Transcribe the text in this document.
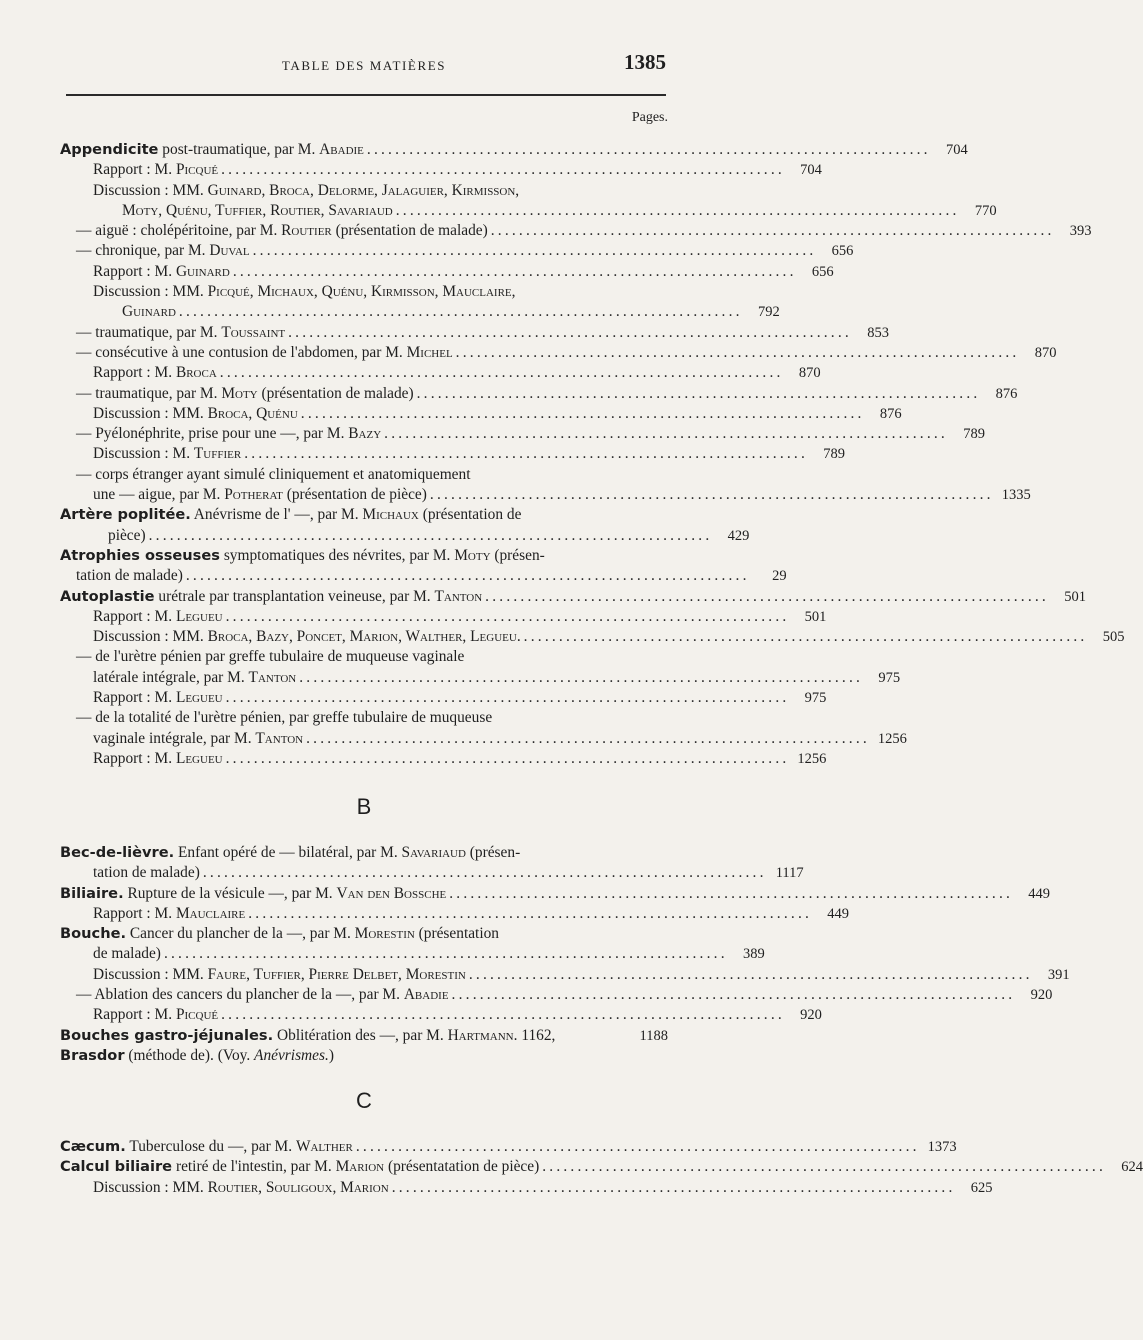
TABLE DES MATIÈRES	1385
Pages.
Appendicite post-traumatique, par M. Abadie ................................................................................	704
Rapport : M. Picqué ................................................................................	704
Discussion : MM. Guinard, Broca, Delorme, Jalaguier, Kirmisson,
Moty, Quénu, Tuffier, Routier, Savariaud ................................................................................	770
— aiguë : cholépéritoine, par M. Routier (présentation de malade) ................................................................................	393
— chronique, par M. Duval ................................................................................	656
Rapport : M. Guinard ................................................................................	656
Discussion : MM. Picqué, Michaux, Quénu, Kirmisson, Mauclaire,
Guinard ................................................................................	792
— traumatique, par M. Toussaint ................................................................................	853
— consécutive à une contusion de l'abdomen, par M. Michel ................................................................................	870
Rapport : M. Broca ................................................................................	870
— traumatique, par M. Moty (présentation de malade) ................................................................................	876
Discussion : MM. Broca, Quénu ................................................................................	876
— Pyélonéphrite, prise pour une —, par M. Bazy ................................................................................	789
Discussion : M. Tuffier ................................................................................	789
— corps étranger ayant simulé cliniquement et anatomiquement
une — aigue, par M. Potherat (présentation de pièce) ................................................................................ 1335
Artère poplitée. Anévrisme de l' —, par M. Michaux (présentation de
pièce) ................................................................................	429
Atrophies osseuses symptomatiques des névrites, par M. Moty (présen-
tation de malade) ................................................................................	29
Autoplastie urétrale par transplantation veineuse, par M. Tanton ................................................................................	501
Rapport : M. Legueu ................................................................................	501
Discussion : MM. Broca, Bazy, Poncet, Marion, Walther, Legueu. ................................................................................	505
— de l'urètre pénien par greffe tubulaire de muqueuse vaginale
latérale intégrale, par M. Tanton ................................................................................	975
Rapport : M. Legueu ................................................................................	975
— de la totalité de l'urètre pénien, par greffe tubulaire de muqueuse
vaginale intégrale, par M. Tanton ................................................................................ 1256
Rapport : M. Legueu ................................................................................ 1256
B
Bec-de-lièvre. Enfant opéré de — bilatéral, par M. Savariaud (présen-
tation de malade) ................................................................................ 1117
Biliaire. Rupture de la vésicule —, par M. Van den Bossche ................................................................................	449
Rapport : M. Mauclaire ................................................................................	449
Bouche. Cancer du plancher de la —, par M. Morestin (présentation
de malade) ................................................................................	389
Discussion : MM. Faure, Tuffier, Pierre Delbet, Morestin ................................................................................	391
— Ablation des cancers du plancher de la —, par M. Abadie ................................................................................	920
Rapport : M. Picqué ................................................................................	920
Bouches gastro-jéjunales. Oblitération des —, par M. Hartmann. 1162,	1188
Brasdor (méthode de). (Voy. Anévrismes.)
C
Cæcum. Tuberculose du —, par M. Walther ................................................................................ 1373
Calcul biliaire retiré de l'intestin, par M. Marion (présentatation de pièce) ................................................................................	624
Discussion : MM. Routier, Souligoux, Marion ................................................................................	625
